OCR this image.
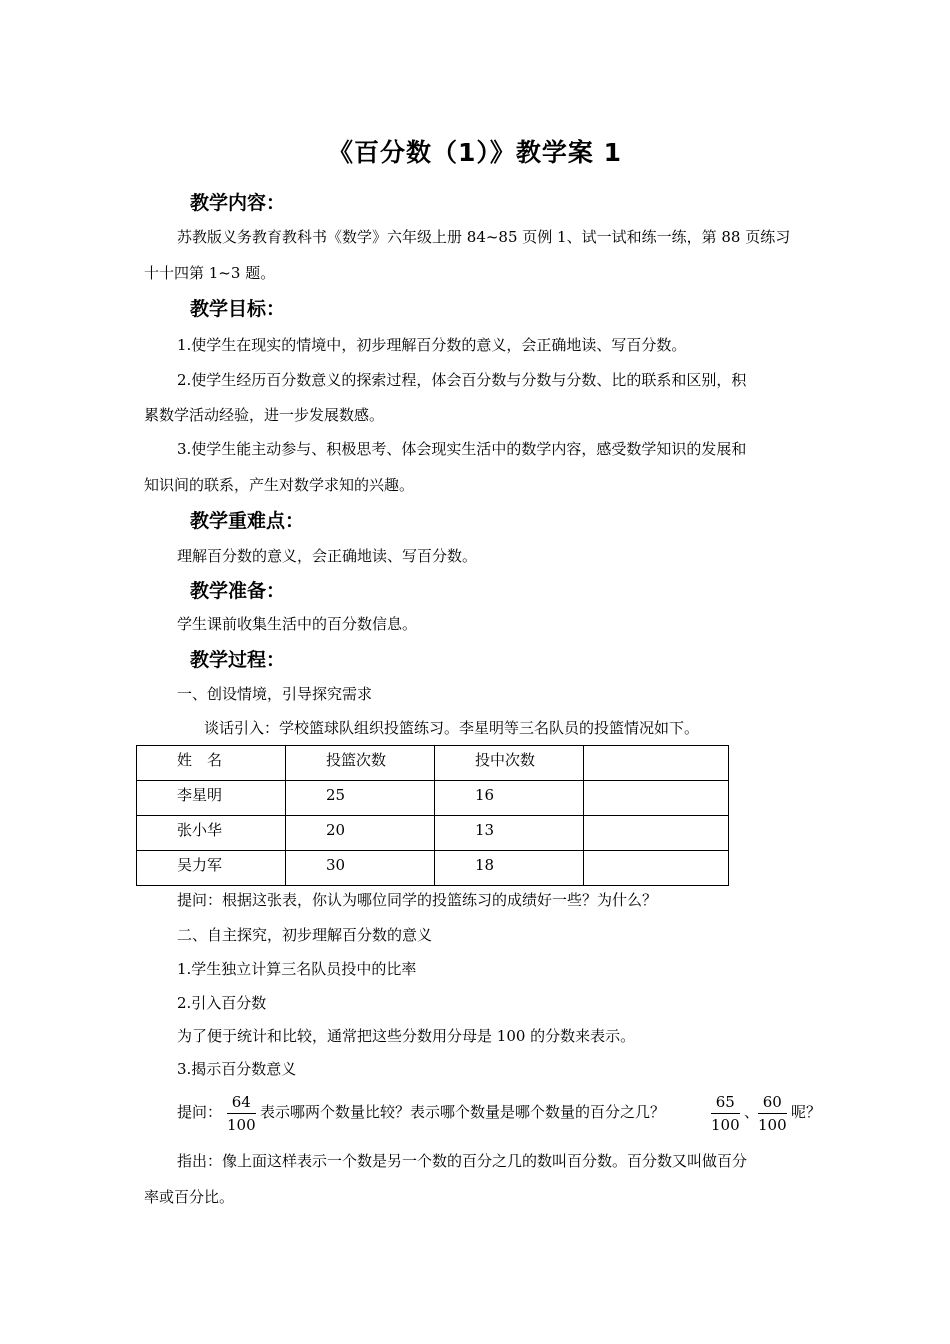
《百分数（1）》教学案 1
教学内容：
苏教版义务教育教科书《数学》六年级上册 84~85 页例 1、试一试和练一练，第 88 页练习
十十四第 1~3 题。
教学目标：
1.使学生在现实的情境中，初步理解百分数的意义，会正确地读、写百分数。
2.使学生经历百分数意义的探索过程，体会百分数与分数与分数、比的联系和区别，积
累数学活动经验，进一步发展数感。
3.使学生能主动参与、积极思考、体会现实生活中的数学内容，感受数学知识的发展和
知识间的联系，产生对数学求知的兴趣。
教学重难点：
理解百分数的意义，会正确地读、写百分数。
教学准备：
学生课前收集生活中的百分数信息。
教学过程：
一、创设情境，引导探究需求
谈话引入：学校篮球队组织投篮练习。李星明等三名队员的投篮情况如下。
姓　名	投篮次数	投中次数	
李星明	25	16	
张小华	20	13	
吴力军	30	18	
提问：根据这张表，你认为哪位同学的投篮练习的成绩好一些？为什么？
二、自主探究，初步理解百分数的意义
1.学生独立计算三名队员投中的比率
2.引入百分数
为了便于统计和比较，通常把这些分数用分母是 100 的分数来表示。
3.揭示百分数意义
提问： $\frac{64}{100}$ 表示哪两个数量比较？表示哪个数量是哪个数量的百分之几？	$\frac{65}{100}$ 、
$\frac{60}{100}$ 呢？
指出：像上面这样表示一个数是另一个数的百分之几的数叫百分数。百分数又叫做百分
率或百分比。
